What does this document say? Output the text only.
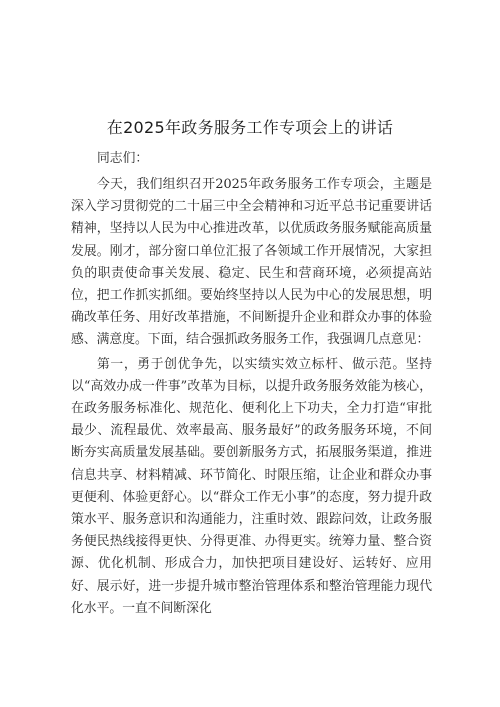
在2025年政务服务工作专项会上的讲话

同志们：

今天，我们组织召开2025年政务服务工作专项会，主题是深入学习贯彻党的二十届三中全会精神和习近平总书记重要讲话精神，坚持以人民为中心推进改革，以优质政务服务赋能高质量发展。刚才，部分窗口单位汇报了各领域工作开展情况，大家担负的职责使命事关发展、稳定、民生和营商环境，必须提高站位，把工作抓实抓细。要始终坚持以人民为中心的发展思想，明确改革任务、用好改革措施，不间断提升企业和群众办事的体验感、满意度。下面，结合强抓政务服务工作，我强调几点意见：

第一，勇于创优争先，以实绩实效立标杆、做示范。坚持以“高效办成一件事”改革为目标，以提升政务服务效能为核心，在政务服务标准化、规范化、便利化上下功夫，全力打造“审批最少、流程最优、效率最高、服务最好”的政务服务环境，不间断夯实高质量发展基础。要创新服务方式，拓展服务渠道，推进信息共享、材料精减、环节简化、时限压缩，让企业和群众办事更便利、体验更舒心。以“群众工作无小事”的态度，努力提升政策水平、服务意识和沟通能力，注重时效、跟踪问效，让政务服务便民热线接得更快、分得更准、办得更实。统筹力量、整合资源、优化机制、形成合力，加快把项目建设好、运转好、应用好、展示好，进一步提升城市整治管理体系和整治管理能力现代化水平。一直不间断深化
